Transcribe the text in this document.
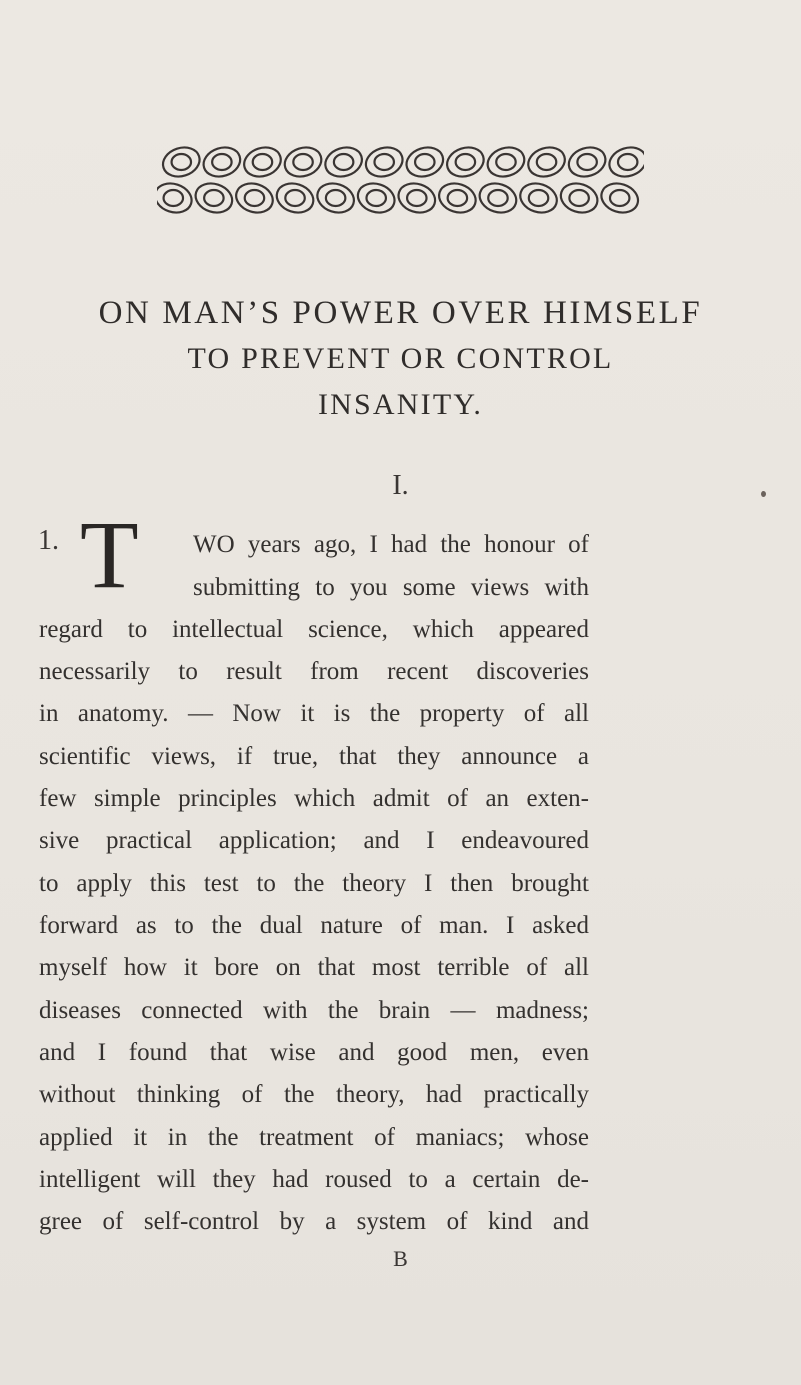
ON MAN’S POWER OVER HIMSELF
TO PREVENT OR CONTROL
INSANITY.
I.
1. T WO years ago, I had the honour of
submitting to you some views with
regard to intellectual science, which appeared
necessarily to result from recent discoveries
in anatomy. — Now it is the property of all
scientific views, if true, that they announce a
few simple principles which admit of an exten-
sive practical application; and I endeavoured
to apply this test to the theory I then brought
forward as to the dual nature of man. I asked
myself how it bore on that most terrible of all
diseases connected with the brain — madness;
and I found that wise and good men, even
without thinking of the theory, had practically
applied it in the treatment of maniacs; whose
intelligent will they had roused to a certain de-
gree of self-control by a system of kind and
B
